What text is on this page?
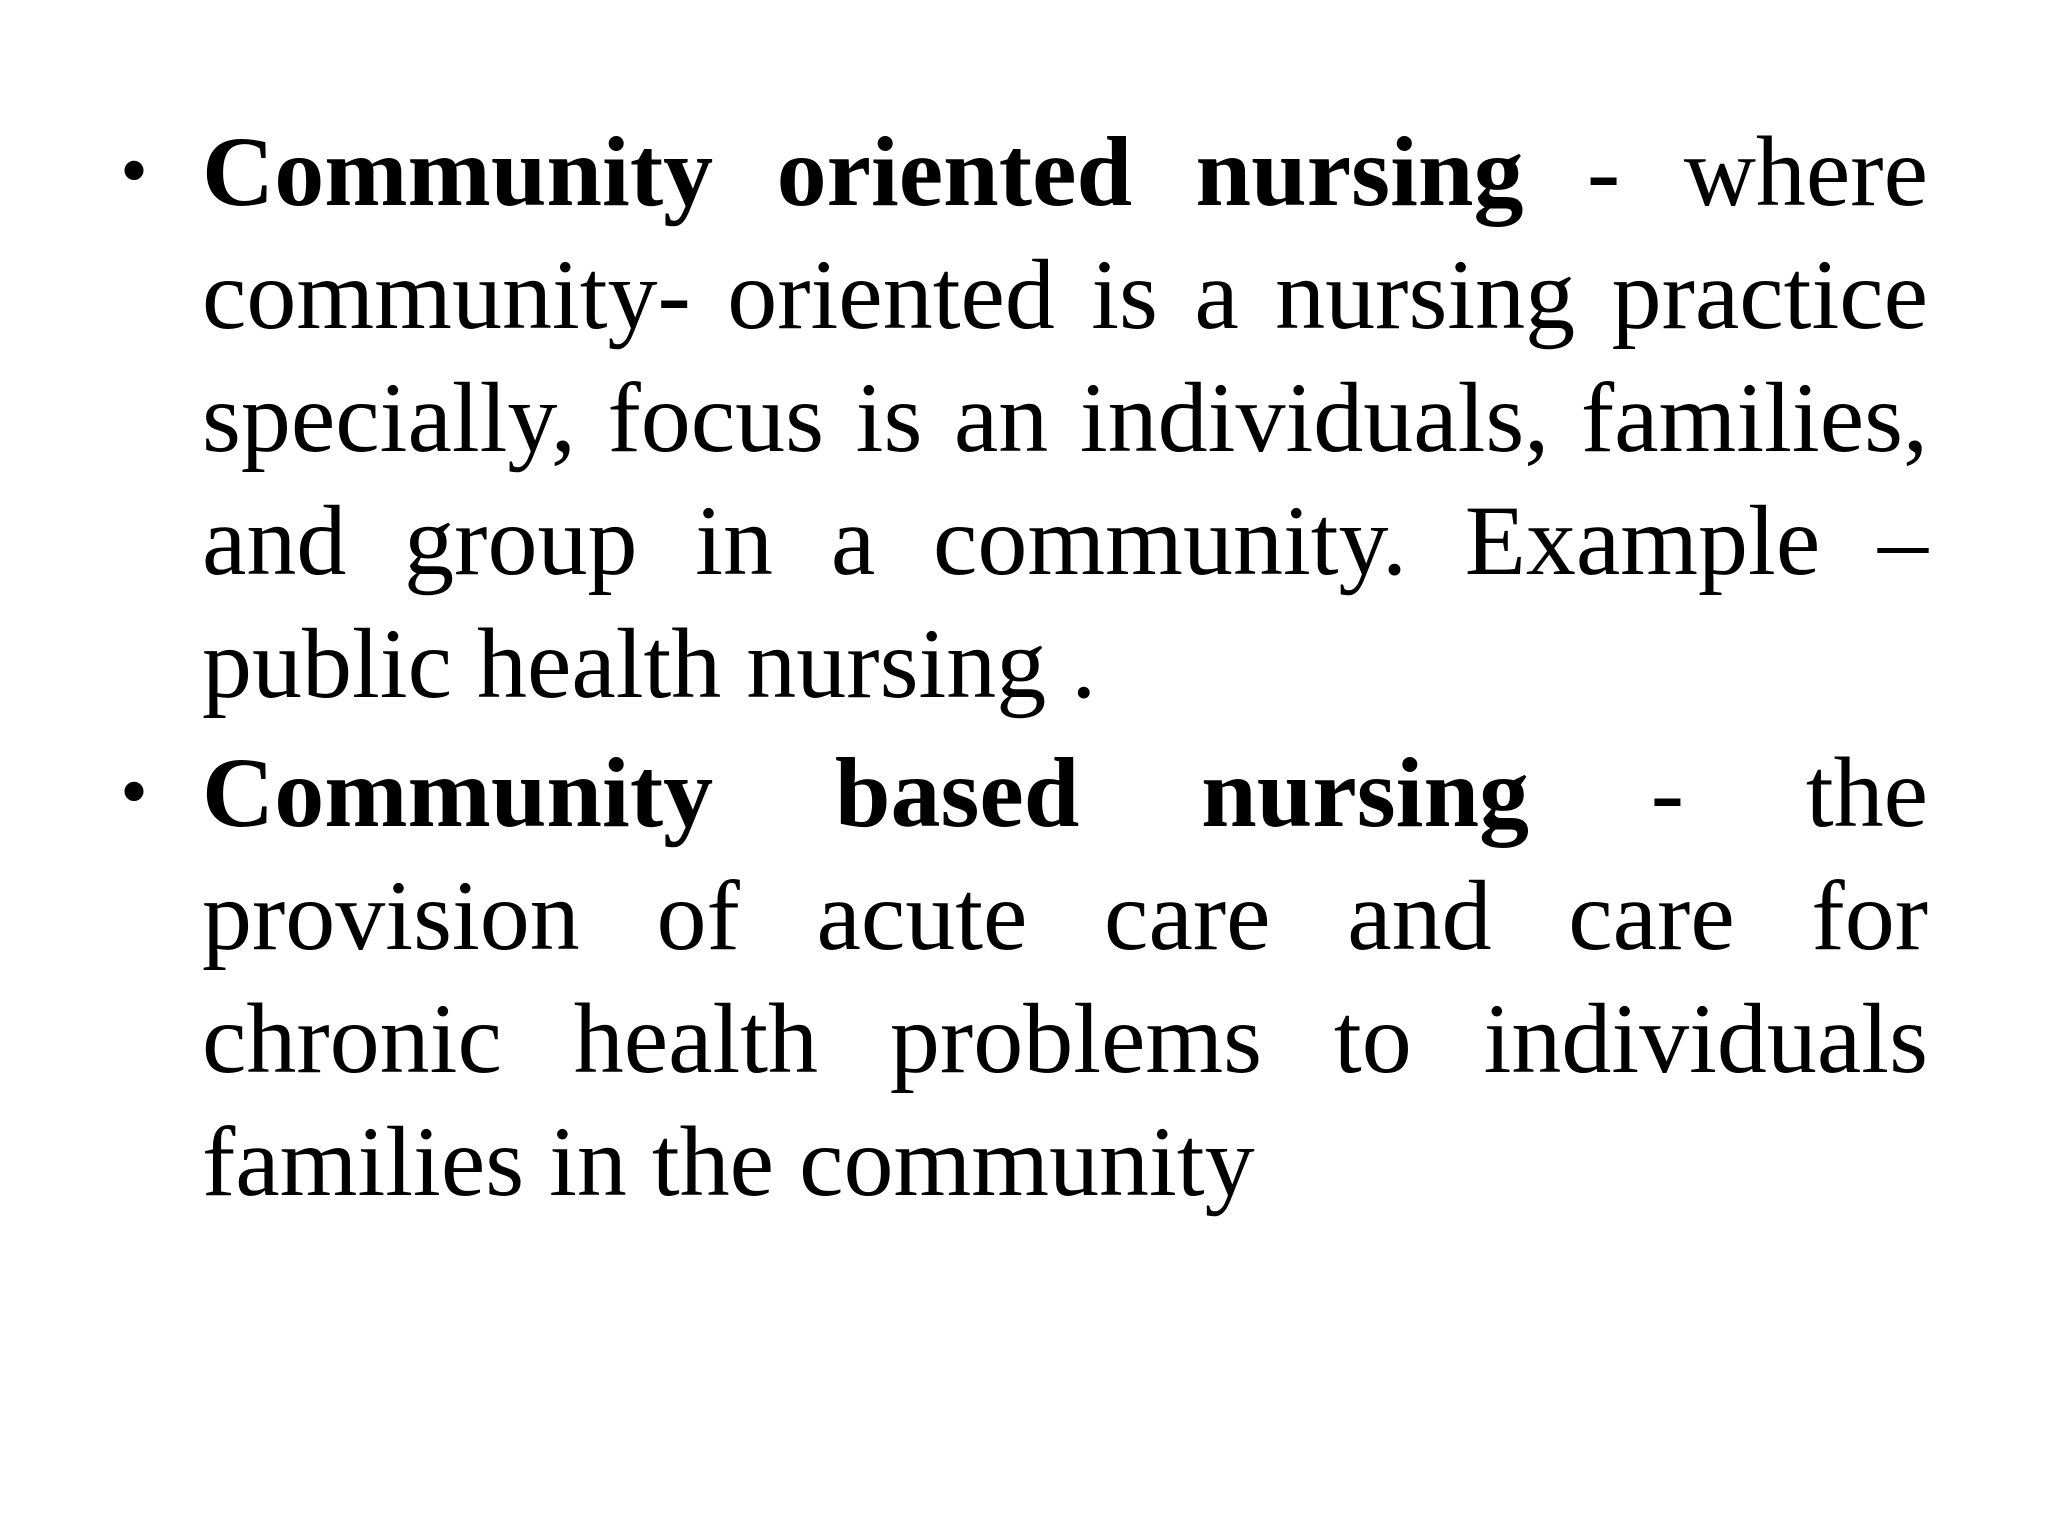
• Community oriented nursing - where community- oriented is a nursing practice specially, focus is an individuals, families, and group in a community. Example –public health nursing .
• Community based nursing - the provision of acute care and care for chronic health problems to individuals families in the community
